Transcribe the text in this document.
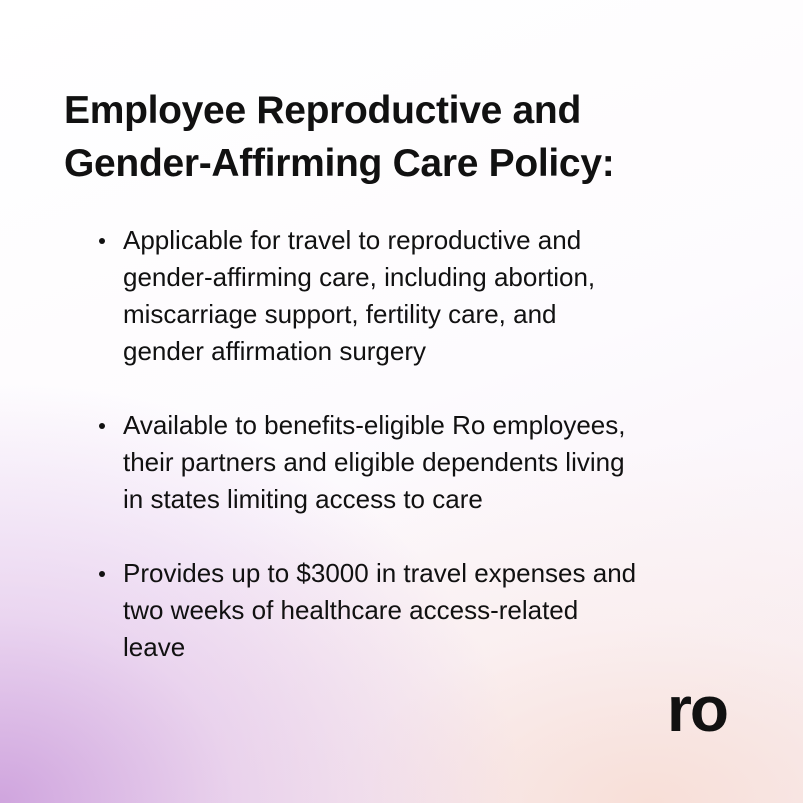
Employee Reproductive and
Gender-Affirming Care Policy:
Applicable for travel to reproductive and
gender-affirming care, including abortion,
miscarriage support, fertility care, and
gender affirmation surgery
Available to benefits-eligible Ro employees,
their partners and eligible dependents living
in states limiting access to care
Provides up to $3000 in travel expenses and
two weeks of healthcare access-related
leave
ro
